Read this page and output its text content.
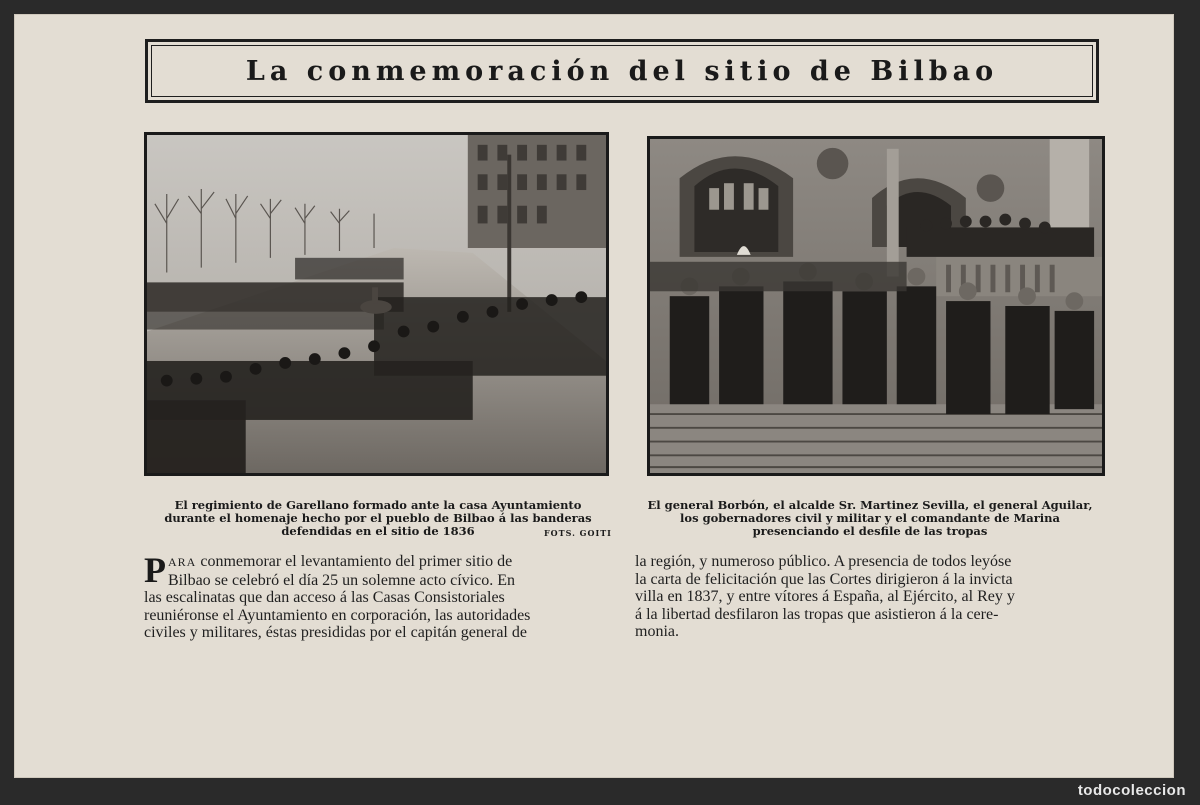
La conmemoración del sitio de Bilbao
El regimiento de Garellano formado ante la casa Ayuntamiento
durante el homenaje hecho por el pueblo de Bilbao á las banderas
defendidas en el sitio de 1836	FOTS. GOITI
El general Borbón, el alcalde Sr. Martinez Sevilla, el general Aguilar,
los gobernadores civil y militar y el comandante de Marina
presenciando el desfile de las tropas
P ARA conmemorar el levantamiento del primer sitio de
Bilbao se celebró el día 25 un solemne acto cívico. En
las escalinatas que dan acceso á las Casas Consistoriales
reuniéronse el Ayuntamiento en corporación, las autoridades
civiles y militares, éstas presididas por el capitán general de
la región, y numeroso público. A presencia de todos leyóse
la carta de felicitación que las Cortes dirigieron á la invicta
villa en 1837, y entre vítores á España, al Ejército, al Rey y
á la libertad desfilaron las tropas que asistieron á la cere-
monia.
todocoleccion
